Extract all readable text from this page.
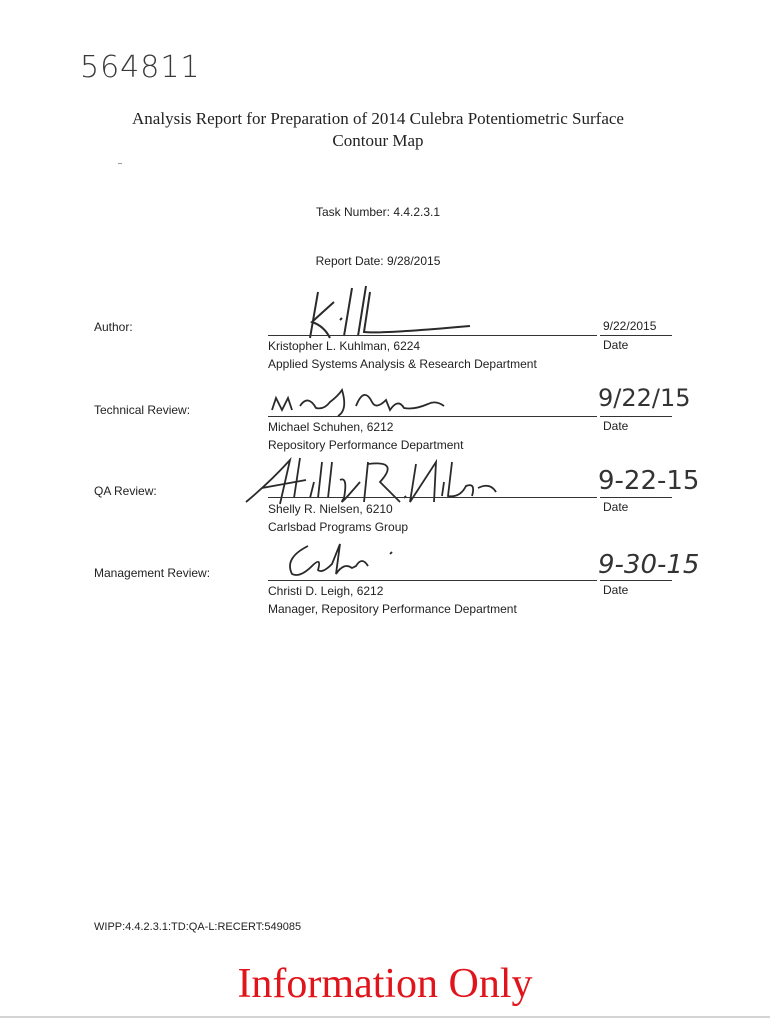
564811
Analysis Report for Preparation of 2014 Culebra Potentiometric Surface
Contour Map
Task Number: 4.4.2.3.1
Report Date: 9/28/2015
Author:
Kristopher L. Kuhlman, 6224
Applied Systems Analysis & Research Department
9/22/2015
Date
Technical Review:
Michael Schuhen, 6212
Repository Performance Department
9/22/15
Date
QA Review:
Shelly R. Nielsen, 6210
Carlsbad Programs Group
9-22-15
Date
Management Review:
Christi D. Leigh, 6212
Manager, Repository Performance Department
9-30-15
Date
WIPP:4.4.2.3.1:TD:QA-L:RECERT:549085
Information Only
